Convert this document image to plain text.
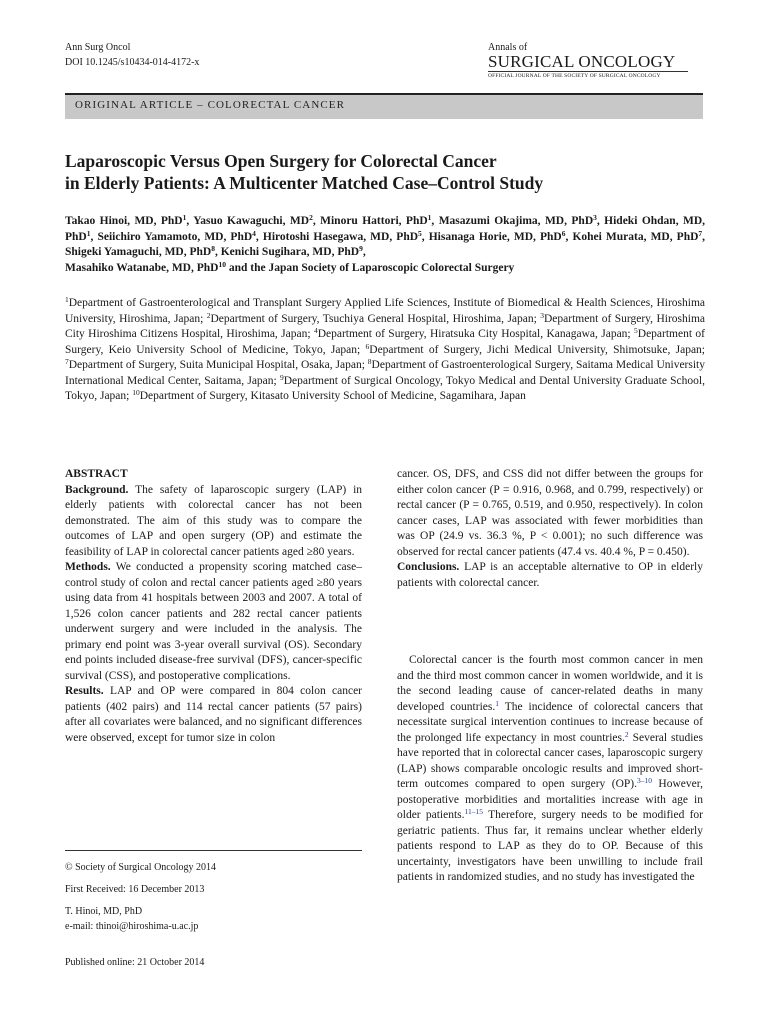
Ann Surg Oncol
DOI 10.1245/s10434-014-4172-x
Annals of
SURGICAL ONCOLOGY
OFFICIAL JOURNAL OF THE SOCIETY OF SURGICAL ONCOLOGY
ORIGINAL ARTICLE – COLORECTAL CANCER
Laparoscopic Versus Open Surgery for Colorectal Cancer
in Elderly Patients: A Multicenter Matched Case–Control Study
Takao Hinoi, MD, PhD$^1$, Yasuo Kawaguchi, $MD^2$, Minoru Hattori, PhD$^1$, Masazumi Okajima, MD, PhD$^3$, Hideki Ohdan, MD, PhD$^1$, Seiichiro Yamamoto, MD, PhD$^4$, Hirotoshi Hasegawa, MD, PhD$^5$, Hisanaga Horie, MD, PhD$^6$, Kohei Murata, MD, PhD$^7$, Shigeki Yamaguchi, MD, PhD$^8$, Kenichi Sugihara, MD, PhD$^9$,
Masahiko Watanabe, MD, PhD$^{10}$ and the Japan Society of Laparoscopic Colorectal Surgery
$^1$Department of Gastroenterological and Transplant Surgery Applied Life Sciences, Institute of Biomedical & Health Sciences, Hiroshima University, Hiroshima, Japan; $^2$Department of Surgery, Tsuchiya General Hospital, Hiroshima, Japan; $^3$Department of Surgery, Hiroshima City Hiroshima Citizens Hospital, Hiroshima, Japan; $^4$Department of Surgery, Hiratsuka City Hospital, Kanagawa, Japan; $^5$Department of Surgery, Keio University School of Medicine, Tokyo, Japan; $^6$Department of Surgery, Jichi Medical University, Shimotsuke, Japan; $^7$Department of Surgery, Suita Municipal Hospital, Osaka, Japan; $^8$Department of Gastroenterological Surgery, Saitama Medical University International Medical Center, Saitama, Japan; $^9$Department of Surgical Oncology, Tokyo Medical and Dental University Graduate School, Tokyo, Japan; $^{10}$Department of Surgery, Kitasato University School of Medicine, Sagamihara, Japan

ABSTRACT

Background. The safety of laparoscopic surgery (LAP) in elderly patients with colorectal cancer has not been demonstrated. The aim of this study was to compare the outcomes of LAP and open surgery (OP) and estimate the feasibility of LAP in colorectal cancer patients aged ≥80 years.

Methods. We conducted a propensity scoring matched case–control study of colon and rectal cancer patients aged ≥80 years using data from 41 hospitals between 2003 and 2007. A total of 1,526 colon cancer patients and 282 rectal cancer patients underwent surgery and were included in the analysis. The primary end point was 3-year overall survival (OS). Secondary end points included disease-free survival (DFS), cancer-specific survival (CSS), and postoperative complications.

Results. LAP and OP were compared in 804 colon cancer patients (402 pairs) and 114 rectal cancer patients (57 pairs) after all covariates were balanced, and no significant differences were observed, except for tumor size in colon

cancer. OS, DFS, and CSS did not differ between the groups for either colon cancer (P = 0.916, 0.968, and 0.799, respectively) or rectal cancer (P = 0.765, 0.519, and 0.950, respectively). In colon cancer cases, LAP was associated with fewer morbidities than was OP (24.9 vs. 36.3 %, P < 0.001); no such difference was observed for rectal cancer patients (47.4 vs. 40.4 %, P = 0.450).

Conclusions. LAP is an acceptable alternative to OP in elderly patients with colorectal cancer.

Colorectal cancer is the fourth most common cancer in men and the third most common cancer in women worldwide, and it is the second leading cause of cancer-related deaths in many developed countries.$^1$ The incidence of colorectal cancers that necessitate surgical intervention continues to increase because of the prolonged life expectancy in most countries.$^2$ Several studies have reported that in colorectal cancer cases, laparoscopic surgery (LAP) shows comparable oncologic results and improved short-term outcomes compared to open surgery (OP).$^{3-10}$ However, postoperative morbidities and mortalities increase with age in older patients.$^{11-15}$ Therefore, surgery needs to be modified for geriatric patients. Thus far, it remains unclear whether elderly patients respond to LAP as they do to OP. Because of this uncertainty, investigators have been unwilling to include frail patients in randomized studies, and no study has investigated the

© Society of Surgical Oncology 2014
First Received: 16 December 2013
T. Hinoi, MD, PhD
e-mail: thinoi@hiroshima-u.ac.jp
Published online: 21 October 2014
